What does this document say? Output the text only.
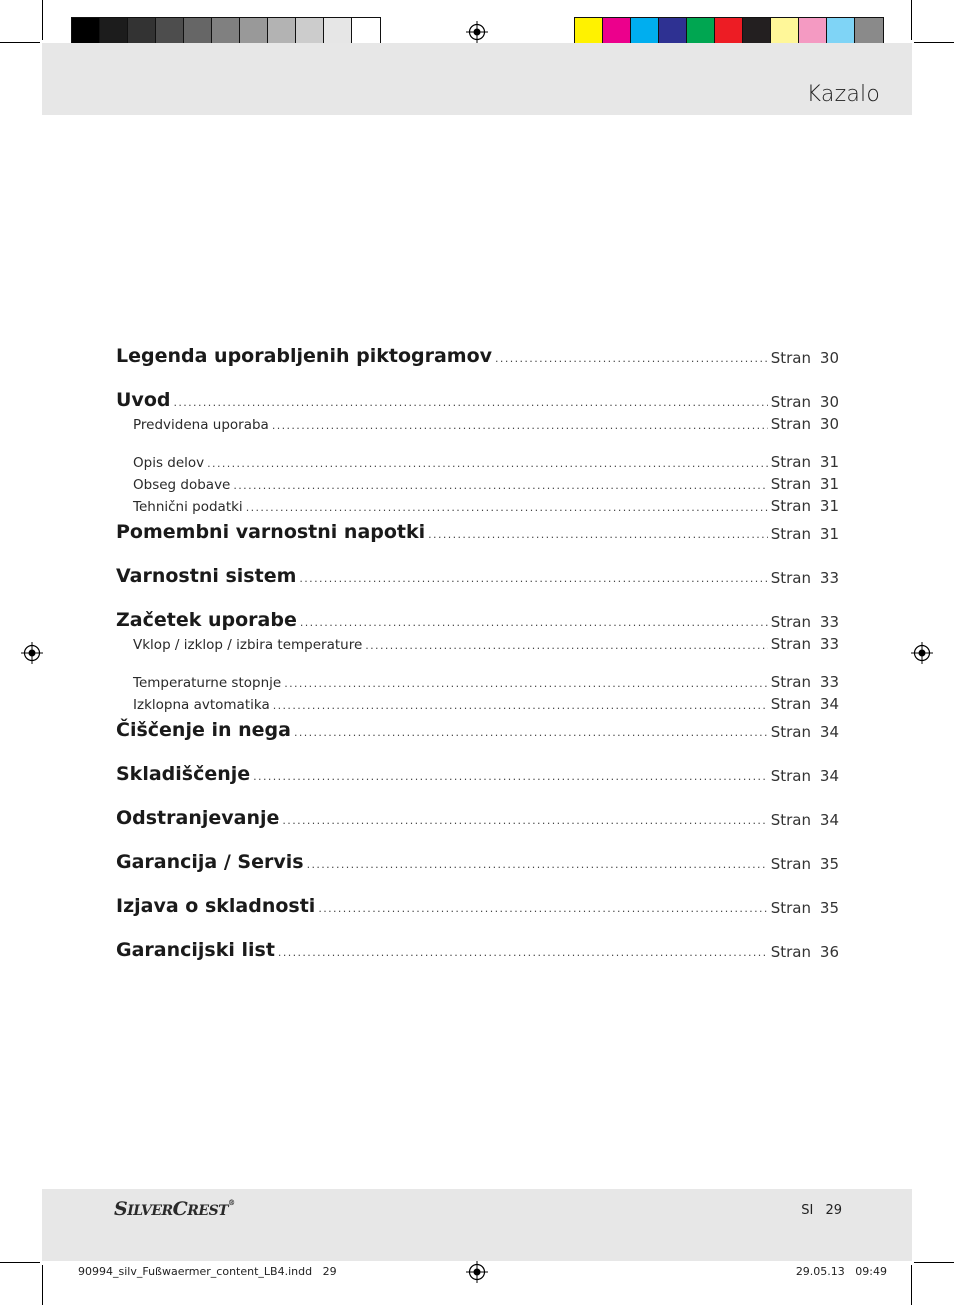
Kazalo
Legenda uporabljenih piktogramov .....	Stran 30
Uvod .....	Stran 30
Predvidena uporaba .....	Stran 30
Opis delov .....	Stran 31
Obseg dobave .....	Stran 31
Tehnični podatki .....	Stran 31
Pomembni varnostni napotki .....	Stran 31
Varnostni sistem .....	Stran 33
Začetek uporabe .....	Stran 33
Vklop / izklop / izbira temperature .....	Stran 33
Temperaturne stopnje .....	Stran 33
Izklopna avtomatika .....	Stran 34
Čiščenje in nega .....	Stran 34
Skladiščenje .....	Stran 34
Odstranjevanje .....	Stran 34
Garancija / Servis .....	Stran 35
Izjava o skladnosti .....	Stran 35
Garancijski list .....	Stran 36
SILVERCREST®
SI 29
90994_silv_Fußwaermer_content_LB4.indd   29	29.05.13   09:49
